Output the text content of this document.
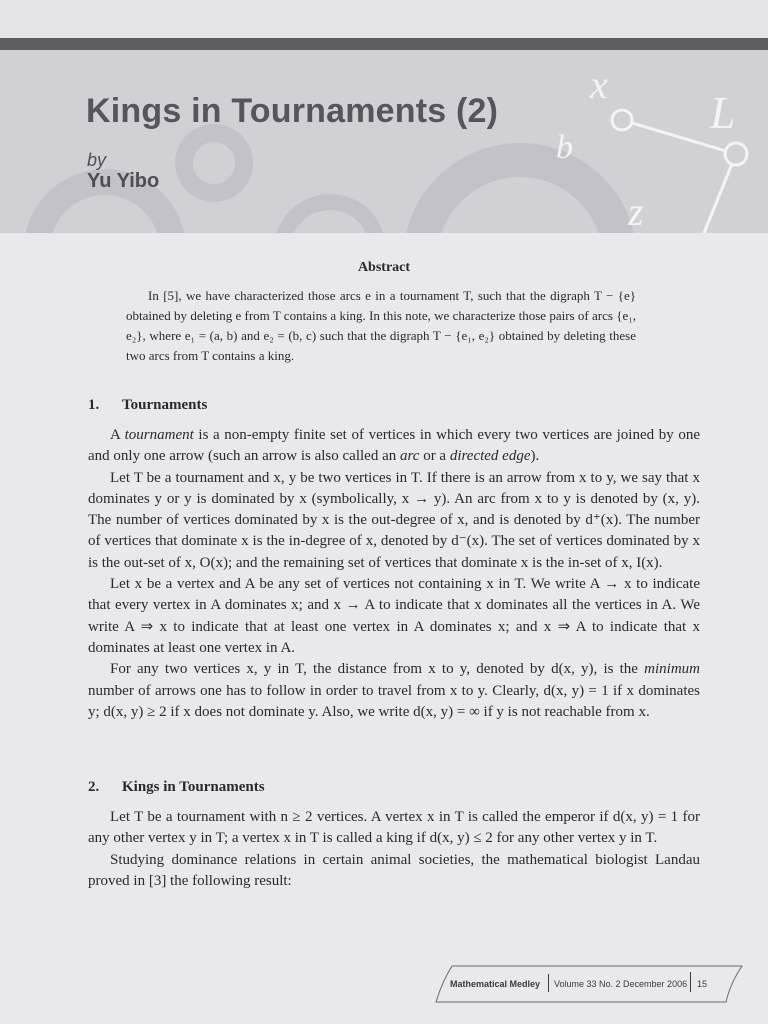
x
L
b
z
Kings in Tournaments (2)
by
Yu Yibo
Abstract

In [5], we have characterized those arcs e in a tournament T, such that the digraph T − {e} obtained by deleting e from T contains a king. In this note, we characterize those pairs of arcs {e₁, e₂}, where e₁ = (a, b) and e₂ = (b, c) such that the digraph T − {e₁, e₂} obtained by deleting these two arcs from T contains a king.

1. Tournaments

A tournament is a non-empty finite set of vertices in which every two vertices are joined by one and only one arrow (such an arrow is also called an arc or a directed edge).

Let T be a tournament and x, y be two vertices in T. If there is an arrow from x to y, we say that x dominates y or y is dominated by x (symbolically, x → y). An arc from x to y is denoted by (x, y). The number of vertices dominated by x is the out-degree of x, and is denoted by d⁺(x). The number of vertices that dominate x is the in-degree of x, denoted by d⁻(x). The set of vertices dominated by x is the out-set of x, O(x); and the remaining set of vertices that dominate x is the in-set of x, I(x).

Let x be a vertex and A be any set of vertices not containing x in T. We write A → x to indicate that every vertex in A dominates x; and x → A to indicate that x dominates all the vertices in A. We write A ⇒ x to indicate that at least one vertex in A dominates x; and x ⇒ A to indicate that x dominates at least one vertex in A.

For any two vertices x, y in T, the distance from x to y, denoted by d(x, y), is the minimum number of arrows one has to follow in order to travel from x to y. Clearly, d(x, y) = 1 if x dominates y; d(x, y) ≥ 2 if x does not dominate y. Also, we write d(x, y) = ∞ if y is not reachable from x.

2. Kings in Tournaments

Let T be a tournament with n ≥ 2 vertices. A vertex x in T is called the emperor if d(x, y) = 1 for any other vertex y in T; a vertex x in T is called a king if d(x, y) ≤ 2 for any other vertex y in T.

Studying dominance relations in certain animal societies, the mathematical biologist Landau proved in [3] the following result:

Mathematical Medley Volume 33 No. 2 December 2006 15
